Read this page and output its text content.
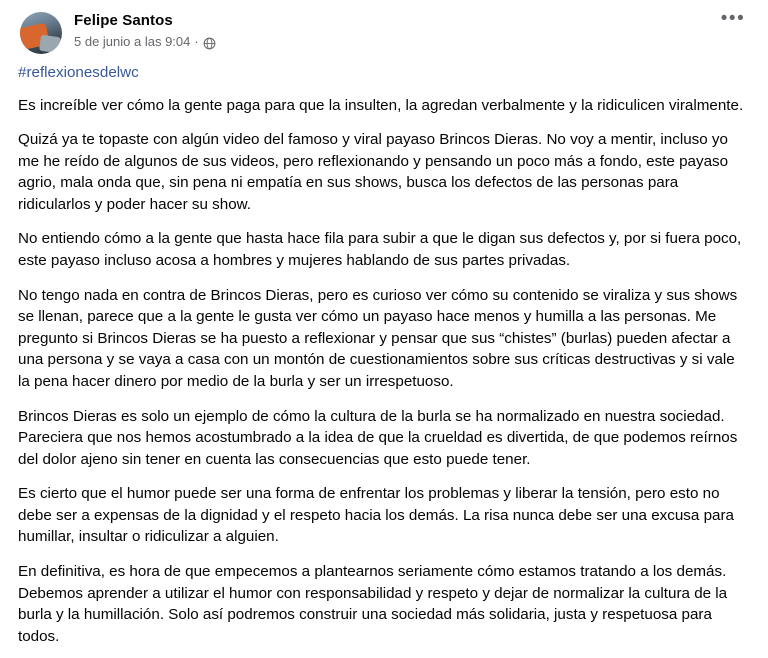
Felipe Santos
5 de junio a las 9:04 ·
•••
#reflexionesdelwc

Es increíble ver cómo la gente paga para que la insulten, la agredan verbalmente y la ridiculicen viralmente.

Quizá ya te topaste con algún video del famoso y viral payaso Brincos Dieras. No voy a mentir, incluso yo me he reído de algunos de sus videos, pero reflexionando y pensando un poco más a fondo, este payaso agrio, mala onda que, sin pena ni empatía en sus shows, busca los defectos de las personas para ridicularlos y poder hacer su show.

No entiendo cómo a la gente que hasta hace fila para subir a que le digan sus defectos y, por si fuera poco, este payaso incluso acosa a hombres y mujeres hablando de sus partes privadas.

No tengo nada en contra de Brincos Dieras, pero es curioso ver cómo su contenido se viraliza y sus shows se llenan, parece que a la gente le gusta ver cómo un payaso hace menos y humilla a las personas. Me pregunto si Brincos Dieras se ha puesto a reflexionar y pensar que sus “chistes” (burlas) pueden afectar a una persona y se vaya a casa con un montón de cuestionamientos sobre sus críticas destructivas y si vale la pena hacer dinero por medio de la burla y ser un irrespetuoso.

Brincos Dieras es solo un ejemplo de cómo la cultura de la burla se ha normalizado en nuestra sociedad. Pareciera que nos hemos acostumbrado a la idea de que la crueldad es divertida, de que podemos reírnos del dolor ajeno sin tener en cuenta las consecuencias que esto puede tener.

Es cierto que el humor puede ser una forma de enfrentar los problemas y liberar la tensión, pero esto no debe ser a expensas de la dignidad y el respeto hacia los demás. La risa nunca debe ser una excusa para humillar, insultar o ridiculizar a alguien.

En definitiva, es hora de que empecemos a plantearnos seriamente cómo estamos tratando a los demás. Debemos aprender a utilizar el humor con responsabilidad y respeto y dejar de normalizar la cultura de la burla y la humillación. Solo así podremos construir una sociedad más solidaria, justa y respetuosa para todos.
